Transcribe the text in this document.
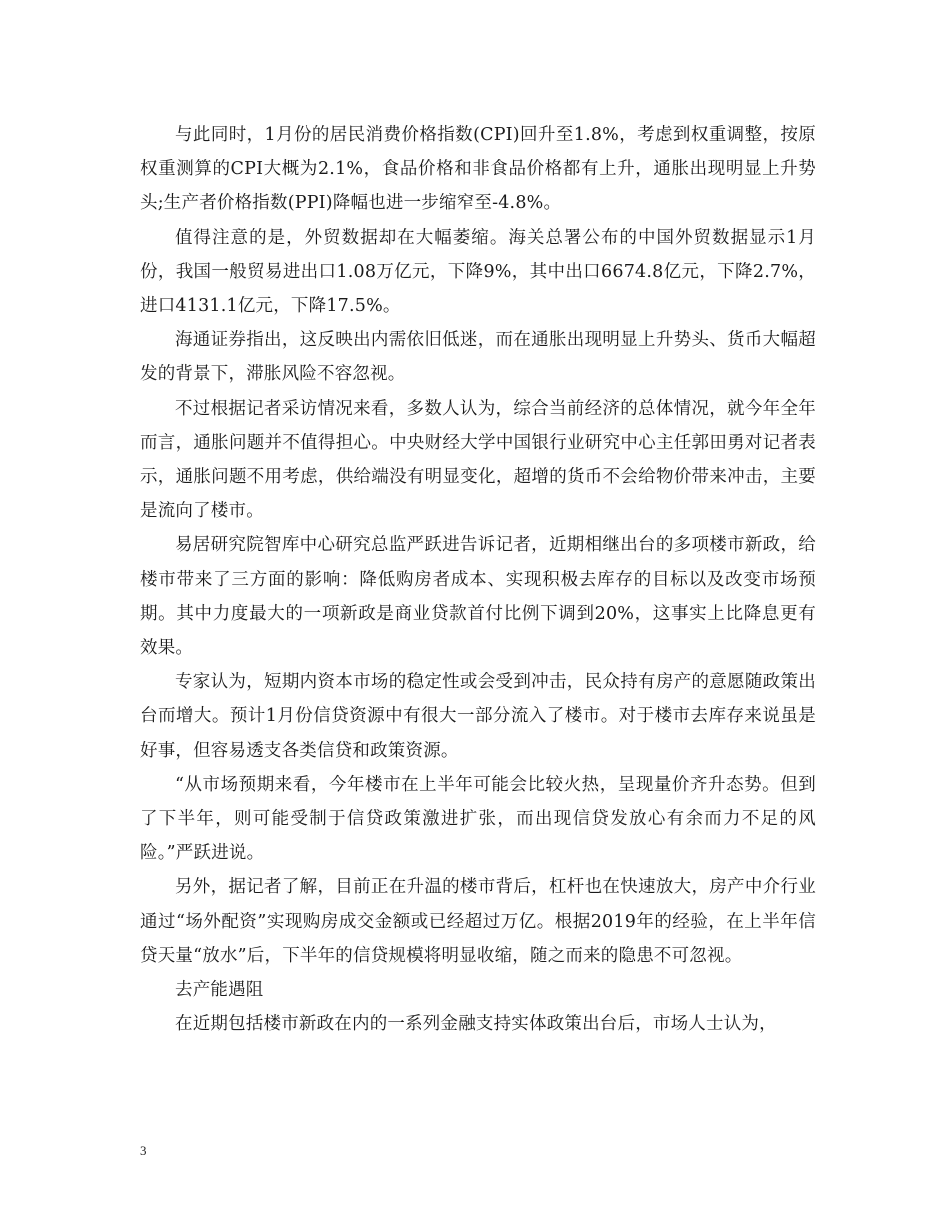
与此同时，1月份的居民消费价格指数(CPI)回升至1.8%，考虑到权重调整，按原权重测算的CPI大概为2.1%，食品价格和非食品价格都有上升，通胀出现明显上升势头;生产者价格指数(PPI)降幅也进一步缩窄至-4.8%。

值得注意的是，外贸数据却在大幅萎缩。海关总署公布的中国外贸数据显示1月份，我国一般贸易进出口1.08万亿元，下降9%，其中出口6674.8亿元，下降2.7%，进口4131.1亿元，下降17.5%。

海通证券指出，这反映出内需依旧低迷，而在通胀出现明显上升势头、货币大幅超发的背景下，滞胀风险不容忽视。

不过根据记者采访情况来看，多数人认为，综合当前经济的总体情况，就今年全年而言，通胀问题并不值得担心。中央财经大学中国银行业研究中心主任郭田勇对记者表示，通胀问题不用考虑，供给端没有明显变化，超增的货币不会给物价带来冲击，主要是流向了楼市。

易居研究院智库中心研究总监严跃进告诉记者，近期相继出台的多项楼市新政，给楼市带来了三方面的影响：降低购房者成本、实现积极去库存的目标以及改变市场预期。其中力度最大的一项新政是商业贷款首付比例下调到20%，这事实上比降息更有效果。

专家认为，短期内资本市场的稳定性或会受到冲击，民众持有房产的意愿随政策出台而增大。预计1月份信贷资源中有很大一部分流入了楼市。对于楼市去库存来说虽是好事，但容易透支各类信贷和政策资源。

“从市场预期来看，今年楼市在上半年可能会比较火热，呈现量价齐升态势。但到了下半年，则可能受制于信贷政策激进扩张，而出现信贷发放心有余而力不足的风险。”严跃进说。

另外，据记者了解，目前正在升温的楼市背后，杠杆也在快速放大，房产中介行业通过“场外配资”实现购房成交金额或已经超过万亿。根据2019年的经验，在上半年信贷天量“放水”后，下半年的信贷规模将明显收缩，随之而来的隐患不可忽视。

去产能遇阻

在近期包括楼市新政在内的一系列金融支持实体政策出台后，市场人士认为，

3
